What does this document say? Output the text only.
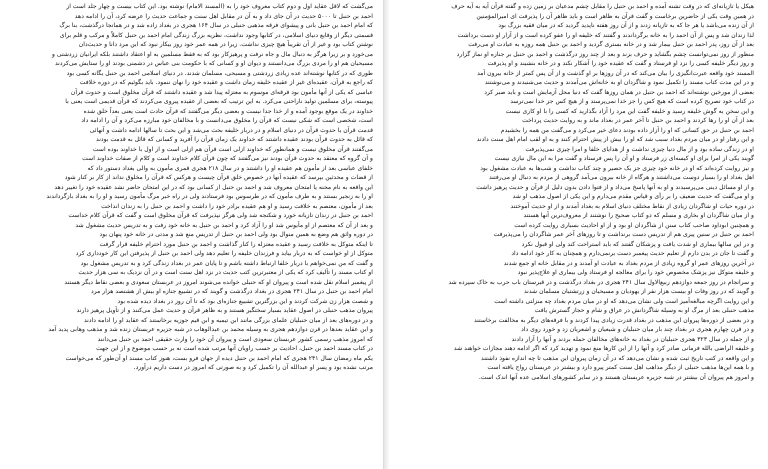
می‌گشت که لاقل عقاید اول و دوم کتاب معروف خود را به (المسند الامام) نوشته بود. این کتاب بیست و چهار جلد است از
احمد بن حنبل تا ۵۰۰۰ حدیث در آن جای داد و به آن در مقابل اهل سنت و جماعت حدیث را عرضه کرد، آن را ادامه دهد
که امام احمد بن حنبل بانی و پیشوای فرقه مذهبی حنبلی در سال ۱۶۴ هجری در بغداد زاده شد و در همانجا درگذشت، بنا برگ
قسمتی دیگر از وقایع دنیای اسلامی، در کتابها وجود نداشت، نظریه بزرگ زندگی امام احمد بن حنبل کاملاً و مرکب و قلم برای
نوشتن کتاب بود و غیر از آن تقریباً هیچ چیزی نداشت. زیرا در همه عمر خود روز بیکار نبود که این مرد دانا و حدیث‌دان
می‌خورد و بر زیرا هرگز به دنبال مال و جاه نرفت و پرهیزکار بود که به فقط مسلمین به او اعتقاد داشتند بلکه ایرانیان زردشتی و
مسیحیان هم او را مردی بزرگ می‌دانستند و دیوان او و کسانی که با حکومت بنی عباس در دشمنی بودند او را ستایش می‌کردند
طوری که در کتابها نوشته‌اند عده زیادی زردشتی و مسیحی، مسلمان شدند. در دنیای اسلامی احمد بن حنبل یگانه کسی بود
که راجع به قرآن، عقیده‌ای غیر از عقیده خلیفه زمان داشت و عقیده خود را نهان ننمود. باید بگوئیم که در دوره خلافت
عباسی که یکی از آنها مأمون بود فرقه‌ای موسوم به معتزله پیدا شد و عقیده داشتند که قرآن مخلوق است و حدوث قرآن
پیوسته، برای مسلمین تولید ناراحتی می‌کرد. به این ترتیب که بعضی از عقیده پیروی می‌کردند که قرآن قدیمی است یعنی با
خداوند در یک موقع بوجود آمده و از خدا جدا نیست و بعضی دیگر می‌گفتند که قرآن حادث است یعنی بعداً خلق شده
است، شخصی است که شکی نیست که قرآن را مخلوق می‌دانست و با مخالفان خود مبارزه می‌کرد و آن را ادامه داد
قدمت قرآن یا حدوث قرآن در دنیای اسلام و در دربار خلیفه بحث می‌شد و این بحث تا سالها ادامه داشت و آنهائی
که قائل به حدوث قرآن بودند عقیده داشتند که خداوند یک زمان قرآن را آفرید و کسانی که قائل به قدمت بودند
می‌گفتند قرآن مخلوق نیست و همانطور که خداوند ازلی است قرآن هم ازلی است و از اول با خداوند بوده است
و آن گروه که معتقد به حدوث قرآن بودند نیز می‌گفتند که چون قرآن کلام خداوند است و کلام از صفات خداوند است
خلفای عباسی بعد از مأمون هم عقیده او را داشتند و در سال ۲۱۸ هجری قمری مأمون به والی بغداد دستور داد که
از قضات و محدثین بپرسد که عقیده آنها در خصوص خلق قرآن چیست و هرکس که قرآن را مخلوق نداند از کار بر کنار شود
این واقعه به نام محنه یا امتحان معروف شد و احمد بن حنبل از کسانی بود که در این امتحان حاضر نشد عقیده خود را تغییر دهد
او را به زنجیر بستند و به طرف مأمون که در طرسوس بود فرستادند ولی در راه خبر مرگ مأمون رسید و او را به بغداد بازگرداندند
بعد از مأمون، معتصم به خلافت رسید و او هم عقیده برادر خود را داشت و احمد بن حنبل را به زندان انداخت
احمد بن حنبل در زندان تازیانه خورد و شکنجه شد ولی هرگز نپذیرفت که قرآن مخلوق است و گفت که قرآن کلام خداست
و بعد از آن که معتصم از او مأیوس شد او را آزاد کرد و احمد بن حنبل به خانه خود رفت و به تدریس حدیث مشغول شد
در دوره واثق هم وضع به همین منوال بود ولی احمد بن حنبل از تدریس منع شد و مدتی در خانه خود پنهان بود
تا اینکه متوکل به خلافت رسید و عقیده معتزله را کنار گذاشت و احمد بن حنبل مورد احترام خلیفه قرار گرفت
متوکل از او خواست که به دربار بیاید و فرزندان خلیفه را تعلیم دهد ولی احمد بن حنبل از پذیرفتن این کار خودداری کرد
و گفت که من نمی‌خواهم با دربار خلفا ارتباط داشته باشم و تا پایان عمر در بغداد زندگی کرد و به تدریس مشغول بود
او کتاب مسند را تألیف کرد که یکی از معتبرترین کتب حدیث در نزد اهل سنت است و در آن نزدیک به سی هزار حدیث
از پیغمبر اسلام نقل شده است و پیروان او که حنبلی خوانده می‌شوند امروز در عربستان سعودی و بعضی نقاط دیگر هستند
امام احمد بن حنبل در سال ۲۴۱ هجری در بغداد درگذشت و گویند که در تشییع جنازه او بیش از هشتصد هزار مرد
و شصت هزار زن شرکت کردند و این بزرگترین تشییع جنازه‌ای بود که تا آن روز در بغداد دیده شده بود
پیروان مذهب حنبلی در اصول عقاید بسیار سختگیر هستند و به ظاهر قرآن و حدیث عمل می‌کنند و از تأویل پرهیز دارند
و در دوره‌های بعد از میان حنبلیان علمای بزرگی مانند ابن تیمیه و ابن قیم جوزیه برخاستند که عقاید او را ادامه دادند
و این عقاید بعدها در قرن دوازدهم هجری به وسیله محمد بن عبدالوهاب در شبه جزیره عربستان زنده شد و مذهب وهابی پدید آمد
که امروز مذهب رسمی کشور عربستان سعودی است و پیروان آن خود را وارث حقیقی احمد بن حنبل می‌دانند
در کتاب مسند احمد بن حنبل، احادیث بر حسب راویان آنها مرتب شده است نه بر حسب موضوع و از این جهت
یکم ماه رمضان سال ۲۴۱ هجری که امام احمد بن حنبل دیده از جهان فرو بست، هنوز کتاب مسند او آن‌طور که می‌خواست
مرتب نشده بود و پسر او عبدالله آن را تکمیل کرد و به صورتی که امروز در دست داریم درآورد.
هیکل یا تازیانه‌ای که در وقت تشنه آمده و احمد بن حنبل را مقابل چشم مدعیان بر زمین زده و گفته قرآن آیه به آیه حرف
در همین وقت یکی از حاضرین برخاست و گفت قرآن به ظاهر است و باید ظاهر آن را پذیرفت ای امیرالمؤمنین
از آن زنده می‌باشد یا هر جا که به تازیانه زدند و از آن روز هفته ناپدید گردید که در میان فقیه بزرگ بود
لذا زندان شد و پس از آن احمد را به خانه برگرداندند و گفتند که خلیفه او را عفو کرده است و از آزار او دست برداشت
بعد از آن روز، پدر احمد بن حنبل بیمار شد و در خانه بستری گردید و احمد بن حنبل همه روزه به عیادت او می‌رفت
منظور از روز نمی‌توانست چشم بگشاید و حرف بزند و بعد از چند روز درگذشت و احمد بن حنبل بر جنازه او نماز گزارد
و روز دیگر خلیفه کسی را نزد او فرستاد و گفت که عقیده خود را آشکار نکند و در خانه بنشیند و او پذیرفت
المسند خود واقعه عبرت‌انگیزی را بیان می‌کند که در آن روزها بر او گذشت و از آن پس کمتر از خانه بیرون آمد
و در این مدت کتاب مسند را تکمیل نمود و شاگردان او به خانه‌اش می‌آمدند و حدیث می‌شنیدند و می‌نوشتند
بعضی از مورخین نوشته‌اند که احمد بن حنبل در همان روزها گفت که دنیا محل آزمایش است و باید صبر کرد
در کتاب خود تصریح کرده است که هیچ کس را جز خدا نمی‌پرستد و از هیچ کس جز خدا نمی‌ترسد
و این سخن به گوش خلیفه رسید و خلیفه گفت این مرد را آزاد بگذارید که کسی را با او کاری نیست
بعد از آن او را رها کردند و احمد بن حنبل تا آخر عمر در بغداد ماند و به روایت حدیث پرداخت
احمد بن حنبل در حق کسانی که او را آزار داده بودند دعای خیر می‌کرد و می‌گفت من همه را بخشیدم
و این رفتار او در میان مردم بغداد سبب شد که او را بیش از پیش احترام کنند و به او لقب امام اهل سنت دادند
او در زندگی ساده بود و از مال دنیا چیزی نداشت و از هدایای خلفا و امرا چیزی نمی‌پذیرفت
گویند یکی از امرا برای او کیسه‌ای زر فرستاد و او آن را پس فرستاد و گفت مرا به این مال نیازی نیست
و نیز روایت کرده‌اند که او در خانه خود چیزی جز یک حصیر و چند کتاب نداشت و شب‌ها به عبادت مشغول بود
اهل بغداد او را بسیار دوست می‌داشتند و هرگاه از خانه بیرون می‌آمد گروهی از مردم به دنبال او می‌رفتند
و از او مسائل دینی می‌پرسیدند و او به آنها پاسخ می‌داد و از فتوا دادن بدون دلیل از قرآن و حدیث پرهیز داشت
و او می‌گفت که حدیث ضعیف را بر رأی و قیاس مقدم می‌دارم و این یکی از اصول مذهب او شد
در دوره حیات او شاگردان زیادی از نقاط مختلف دنیای اسلام به بغداد آمدند و از او حدیث آموختند
و از میان شاگردان او بخاری و مسلم که دو کتاب صحیح را نوشتند از معروف‌ترین آنها هستند
و همچنین ابوداود صاحب کتاب سنن از شاگردان او بود و از او احادیث بسیاری روایت کرده است
احمد بن حنبل در سنین پیری هم از تدریس دست برنداشت و تا روزهای آخر عمر شاگردان را می‌پذیرفت
و در این سالها بیماری او شدت یافت و پزشکان گفتند که باید استراحت کند ولی او قبول نکرد
و گفت تا جان در بدن دارم از تعلیم حدیث پیغمبر دست برنمی‌دارم و همچنان به کار خود ادامه داد
در آخرین روزهای عمر او گروه زیادی از مردم بغداد به عیادت او آمدند و در مقابل خانه او جمع شدند
و خلیفه متوکل نیز پزشک مخصوص خود را برای معالجه او فرستاد ولی بیماری او علاج‌پذیر نبود
و سرانجام در روز جمعه دوازدهم ربیع‌الاول سال ۲۴۱ هجری در بغداد درگذشت و در قبرستان باب حرب به خاک سپرده شد
و گویند که در روز وفات او بیست هزار نفر از یهودیان و مسیحیان و زرتشتیان مسلمان شدند
و این روایت اگرچه مبالغه‌آمیز است ولی نشان می‌دهد که او در میان مردم بغداد چه منزلتی داشته است
مذهب حنبلی بعد از مرگ او به وسیله شاگردانش در عراق و شام و حجاز گسترش یافت
و در بعضی از دوره‌ها پیروان این مذهب در بغداد قدرت زیادی پیدا کردند و با فرقه‌های دیگر به مخالفت برخاستند
و در قرن چهارم هجری در بغداد چند بار میان حنبلیان و شیعیان و اشعریان زد و خورد روی داد
و از جمله در سال ۳۲۳ هجری حنبلیان در بغداد به خانه‌های مخالفان حمله بردند و آنها را آزار دادند
و خلیفه الراضی بالله فرمانی صادر کرد و آنها را از این کارها منع نمود و تهدید کرد که اگر ادامه دهند مجازات خواهند شد
و این واقعه در کتب تاریخ ثبت شده و نشان می‌دهد که در آن زمان پیروان این مذهب تا چه اندازه نفوذ داشتند
و با همه این‌ها مذهب حنبلی از دیگر مذاهب اهل سنت کمتر پیرو دارد و بیشتر در عربستان رواج یافته است
و امروز هم پیروان آن بیشتر در شبه جزیره عربستان هستند و در سایر کشورهای اسلامی عده آنها اندک است.
